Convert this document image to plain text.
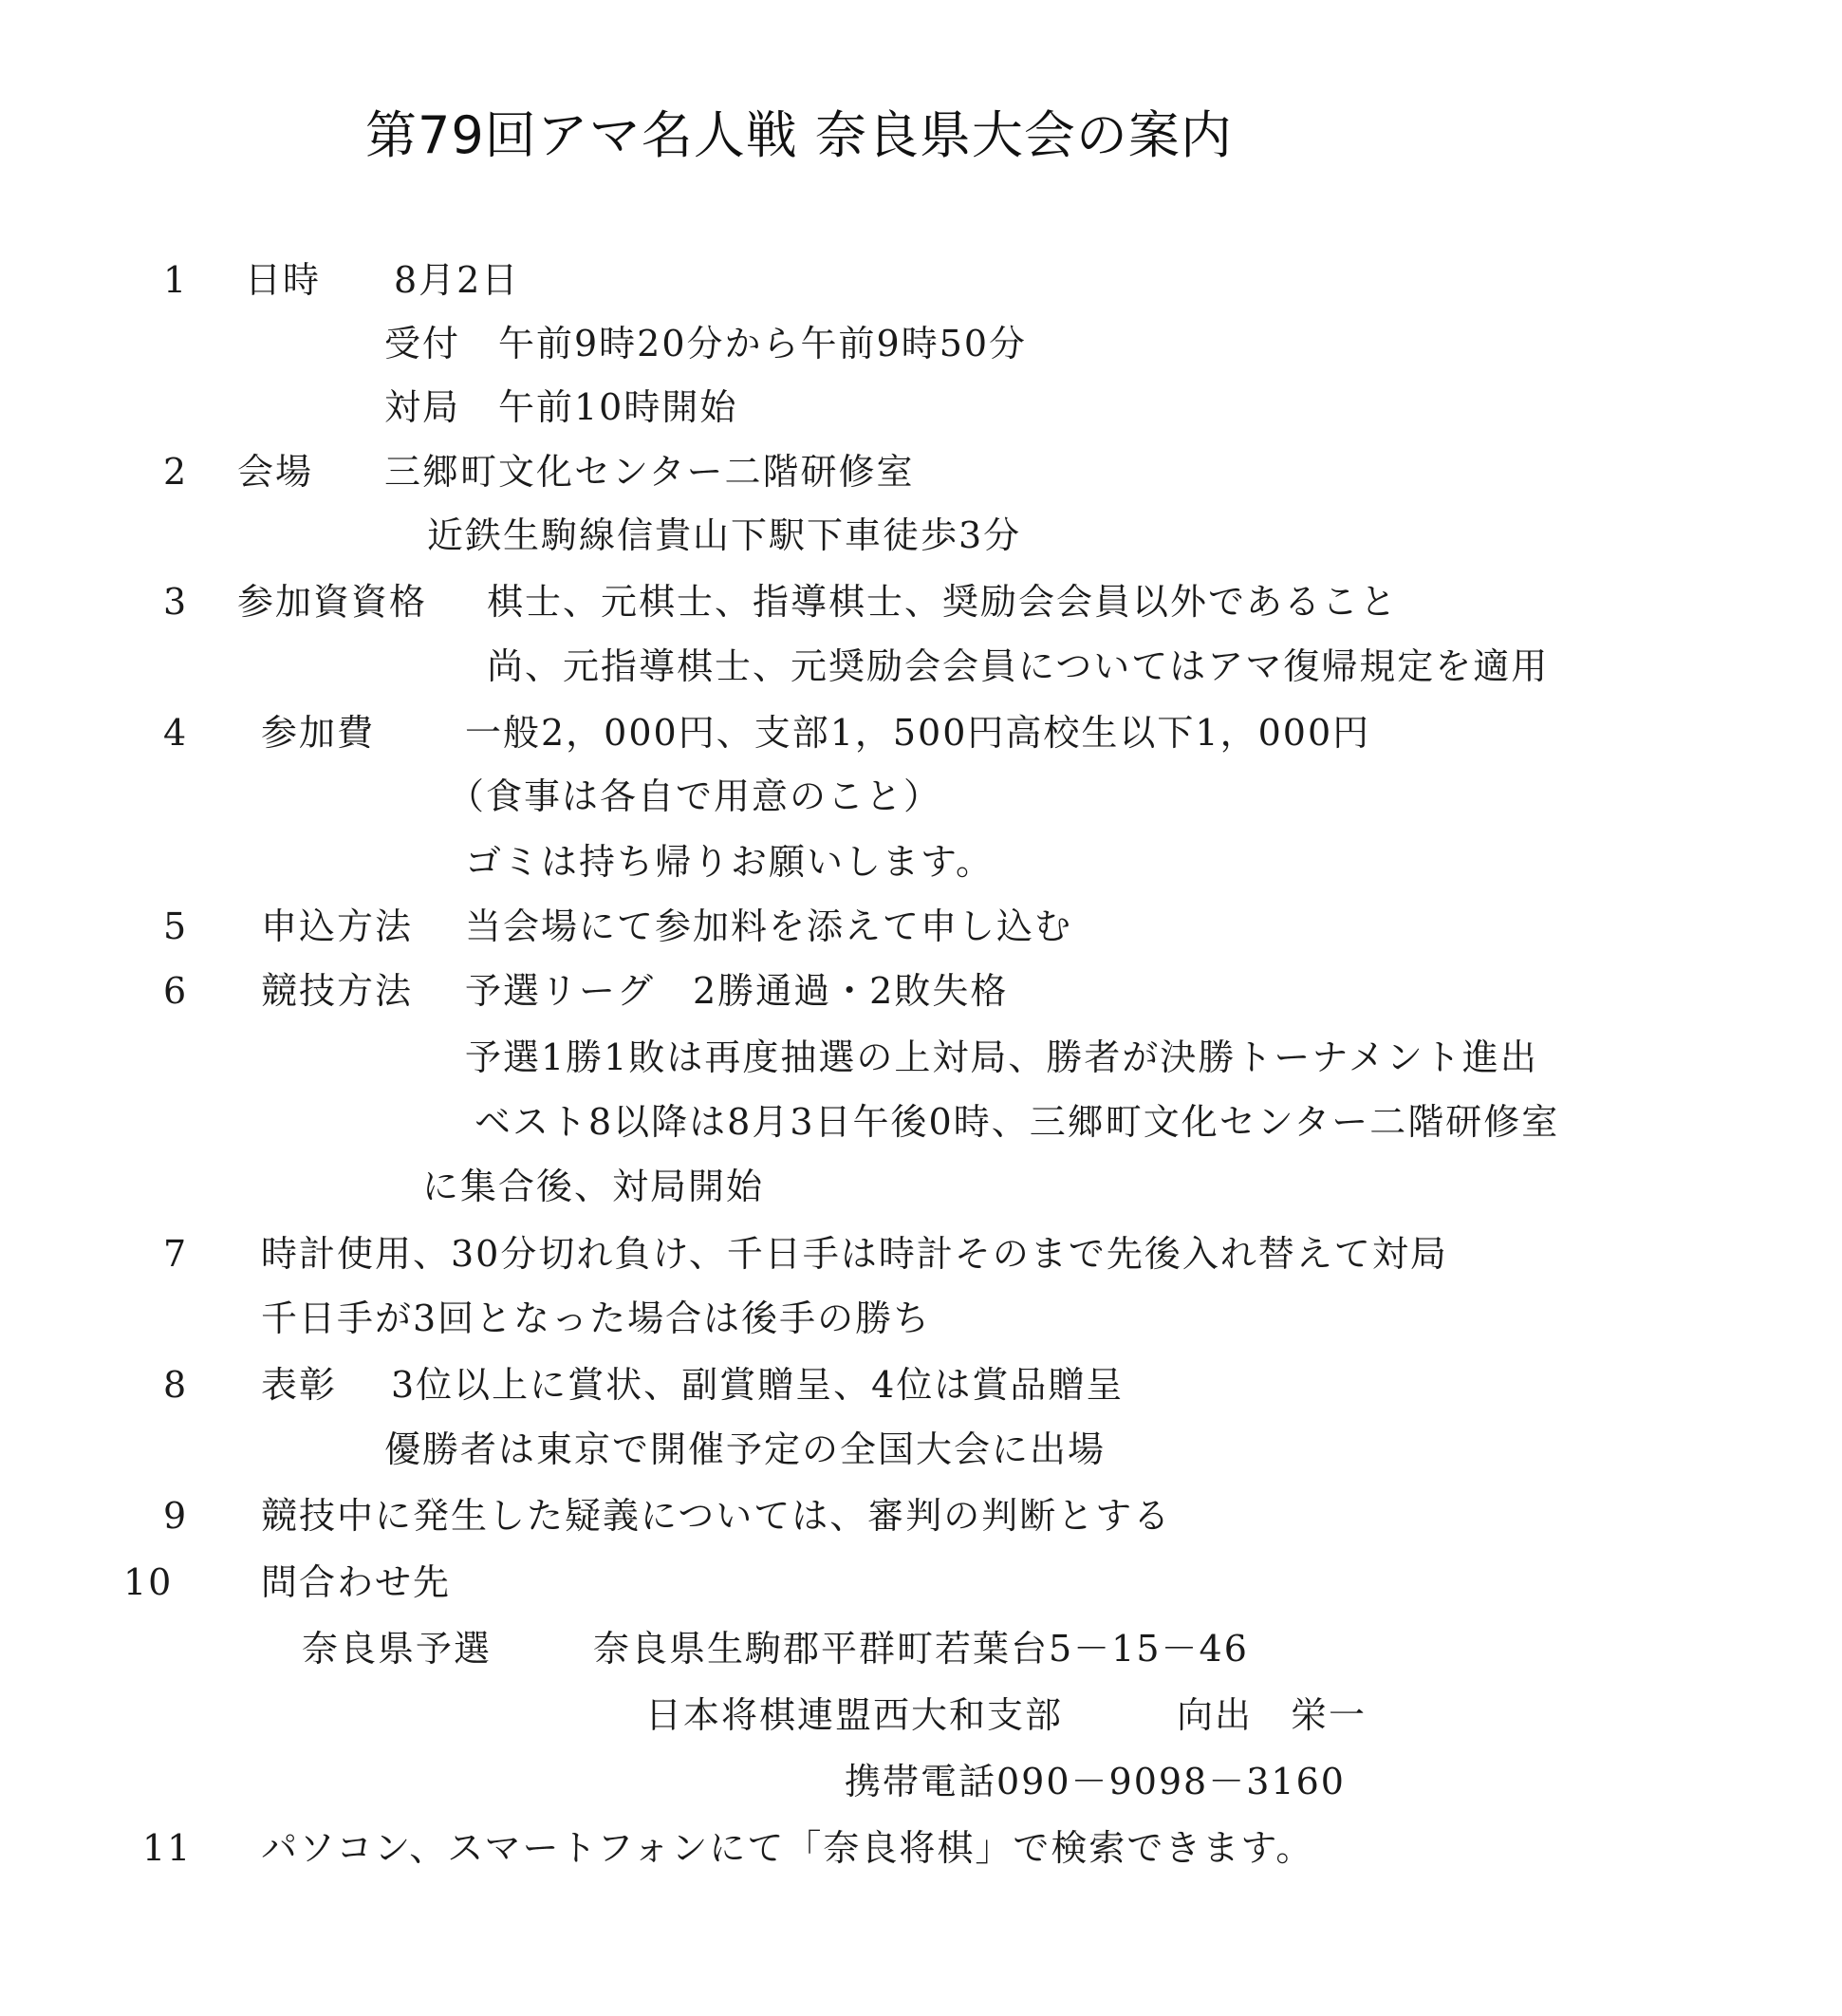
第79回アマ名人戦 奈良県大会の案内
1 日時 8月2日
受付　午前9時20分から午前9時50分
対局　午前10時開始
2 会場 三郷町文化センター二階研修室
近鉄生駒線信貴山下駅下車徒歩3分
3 参加資資格 棋士、元棋士、指導棋士、奨励会会員以外であること
尚、元指導棋士、元奨励会会員についてはアマ復帰規定を適用
4 参加費 一般2，000円、支部1，500円高校生以下1，000円
（食事は各自で用意のこと）
ゴミは持ち帰りお願いします。
5 申込方法 当会場にて参加料を添えて申し込む
6 競技方法 予選リーグ　2勝通過・2敗失格
予選1勝1敗は再度抽選の上対局、勝者が決勝トーナメント進出
ベスト8以降は8月3日午後0時、三郷町文化センター二階研修室
に集合後、対局開始
7 時計使用、30分切れ負け、千日手は時計そのまで先後入れ替えて対局
千日手が3回となった場合は後手の勝ち
8 表彰 3位以上に賞状、副賞贈呈、4位は賞品贈呈
優勝者は東京で開催予定の全国大会に出場
9 競技中に発生した疑義については、審判の判断とする
10 問合わせ先
奈良県予選	奈良県生駒郡平群町若葉台5－15－46
日本将棋連盟西大和支部	向出　栄一
携帯電話090－9098－3160
11 パソコン、スマートフォンにて「奈良将棋」で検索できます。
